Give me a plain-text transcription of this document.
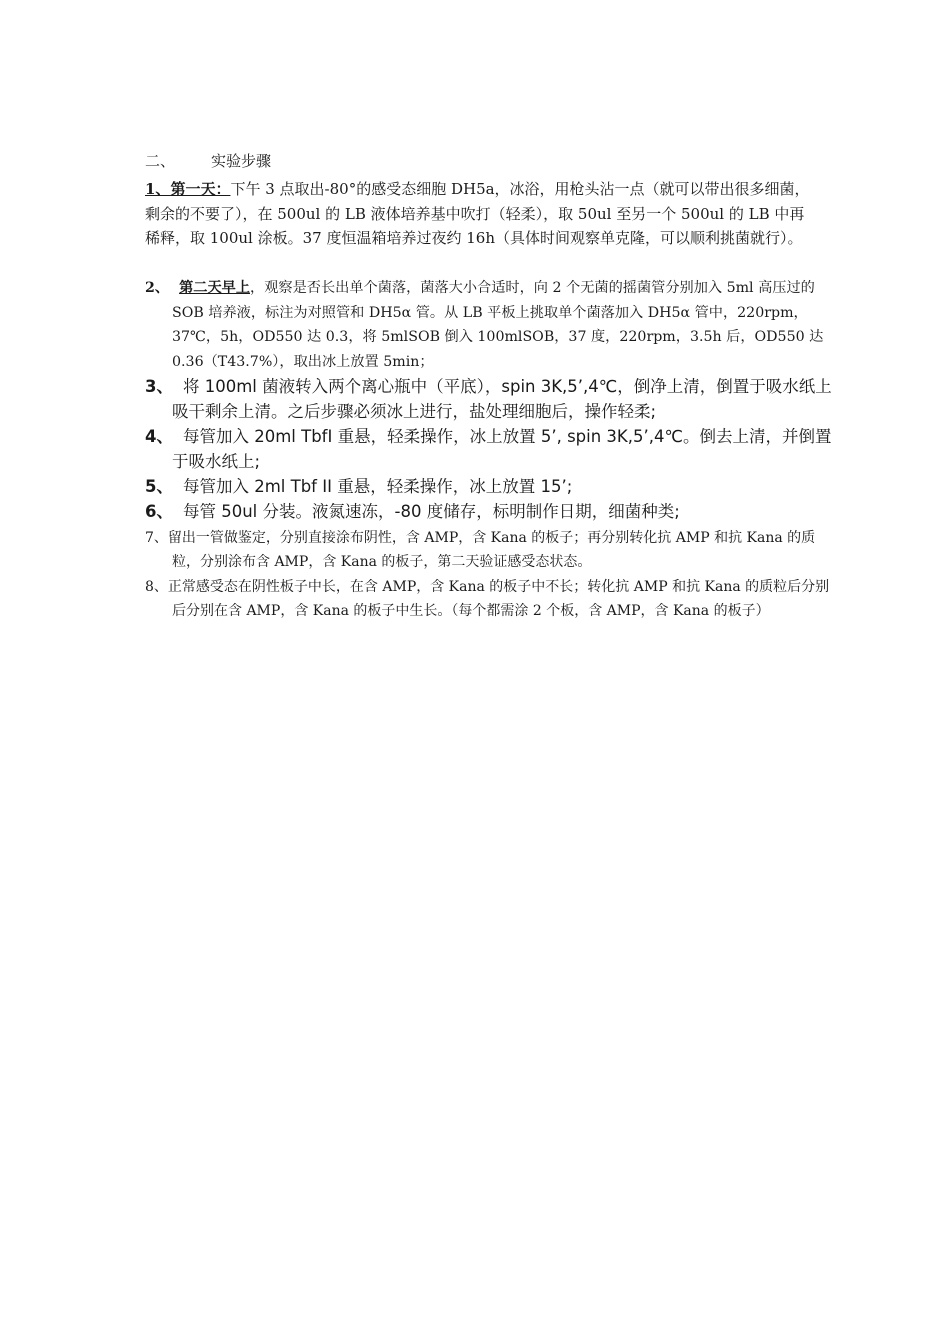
二、 实验步骤
1、第一天：下午 3 点取出-80°的感受态细胞 DH5a，冰浴，用枪头沾一点（就可以带出很多细菌，剩余的不要了），在 500ul 的 LB 液体培养基中吹打（轻柔），取 50ul 至另一个 500ul 的 LB 中再稀释，取 100ul 涂板。37 度恒温箱培养过夜约 16h（具体时间观察单克隆，可以顺利挑菌就行）。
2、 第二天早上，观察是否长出单个菌落，菌落大小合适时，向 2 个无菌的摇菌管分别加入 5ml 高压过的 SOB 培养液，标注为对照管和 DH5α 管。从 LB 平板上挑取单个菌落加入 DH5α 管中，220rpm，37℃，5h，OD550 达 0.3，将 5mlSOB 倒入 100mlSOB，37 度，220rpm，3.5h 后，OD550 达 0.36（T43.7%），取出冰上放置 5min；
3、 将 100ml 菌液转入两个离心瓶中（平底），spin 3K,5’,4℃，倒净上清，倒置于吸水纸上吸干剩余上清。之后步骤必须冰上进行，盐处理细胞后，操作轻柔;
4、 每管加入 20ml TbfI 重悬，轻柔操作，冰上放置 5’, spin 3K,5’,4℃。倒去上清，并倒置于吸水纸上;
5、 每管加入 2ml Tbf II 重悬，轻柔操作，冰上放置 15’;
6、 每管 50ul 分装。液氮速冻，-80 度储存，标明制作日期，细菌种类;
7、留出一管做鉴定，分别直接涂布阴性，含 AMP，含 Kana 的板子；再分别转化抗 AMP 和抗 Kana 的质粒，分别涂布含 AMP，含 Kana 的板子，第二天验证感受态状态。
8、正常感受态在阴性板子中长，在含 AMP，含 Kana 的板子中不长；转化抗 AMP 和抗 Kana 的质粒后分别后分别在含 AMP，含 Kana 的板子中生长。（每个都需涂 2 个板，含 AMP，含 Kana 的板子）
